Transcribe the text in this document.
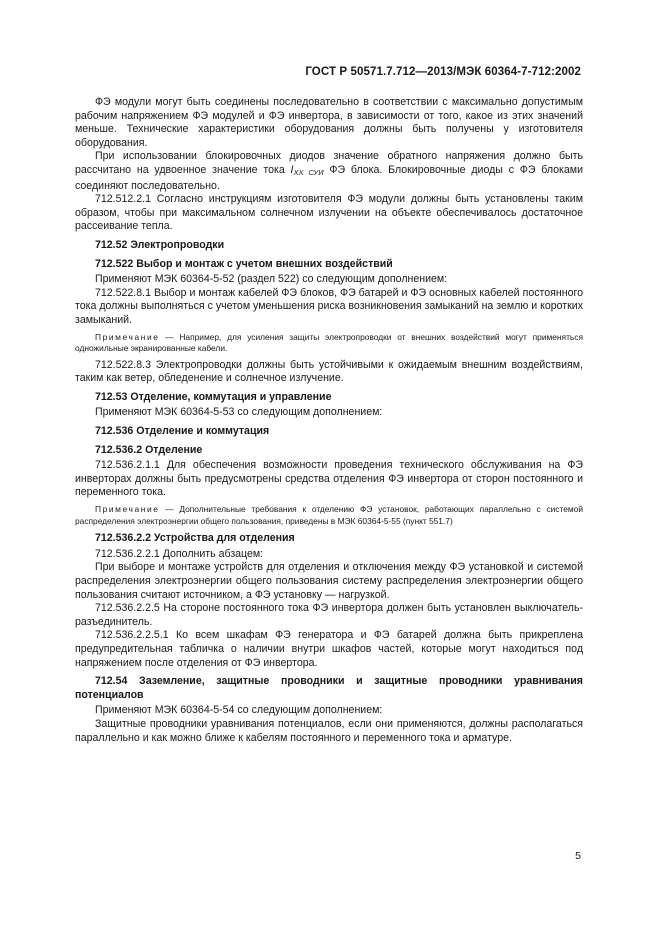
ГОСТ Р 50571.7.712—2013/МЭК 60364-7-712:2002

ФЭ модули могут быть соединены последовательно в соответствии с максимально допустимым рабочим напряжением ФЭ модулей и ФЭ инвертора, в зависимости от того, какое из этих значений меньше. Технические характеристики оборудования должны быть получены у изготовителя оборудования.

При использовании блокировочных диодов значение обратного напряжения должно быть рассчитано на удвоенное значение тока $I_{XX СУИ}$ ФЭ блока. Блокировочные диоды с ФЭ блоками соединяют последовательно.

712.512.2.1 Согласно инструкциям изготовителя ФЭ модули должны быть установлены таким образом, чтобы при максимальном солнечном излучении на объекте обеспечивалось достаточное рассеивание тепла.

712.52 Электропроводки

712.522 Выбор и монтаж с учетом внешних воздействий

Применяют МЭК 60364-5-52 (раздел 522) со следующим дополнением:

712.522.8.1 Выбор и монтаж кабелей ФЭ блоков, ФЭ батарей и ФЭ основных кабелей постоянного тока должны выполняться с учетом уменьшения риска возникновения замыканий на землю и коротких замыканий.

Примечание — Например, для усиления защиты электропроводки от внешних воздействий могут применяться одножильные экранированные кабели.

712.522.8.3 Электропроводки должны быть устойчивыми к ожидаемым внешним воздействиям, таким как ветер, обледенение и солнечное излучение.

712.53 Отделение, коммутация и управление

Применяют МЭК 60364-5-53 со следующим дополнением:

712.536 Отделение и коммутация

712.536.2 Отделение

712.536.2.1.1 Для обеспечения возможности проведения технического обслуживания на ФЭ инверторах должны быть предусмотрены средства отделения ФЭ инвертора от сторон постоянного и переменного тока.

Примечание — Дополнительные требования к отделению ФЭ установок, работающих параллельно с системой распределения электроэнергии общего пользования, приведены в МЭК 60364-5-55 (пункт 551.7)

712.536.2.2 Устройства для отделения

712.536.2.2.1 Дополнить абзацем:

При выборе и монтаже устройств для отделения и отключения между ФЭ установкой и системой распределения электроэнергии общего пользования систему распределения электроэнергии общего пользования считают источником, а ФЭ установку — нагрузкой.

712.536.2.2.5 На стороне постоянного тока ФЭ инвертора должен быть установлен выключатель-разъединитель.

712.536.2.2.5.1 Ко всем шкафам ФЭ генератора и ФЭ батарей должна быть прикреплена предупредительная табличка о наличии внутри шкафов частей, которые могут находиться под напряжением после отделения от ФЭ инвертора.

712.54 Заземление, защитные проводники и защитные проводники уравнивания потенциалов

Применяют МЭК 60364-5-54 со следующим дополнением:

Защитные проводники уравнивания потенциалов, если они применяются, должны располагаться параллельно и как можно ближе к кабелям постоянного и переменного тока и арматуре.

5
